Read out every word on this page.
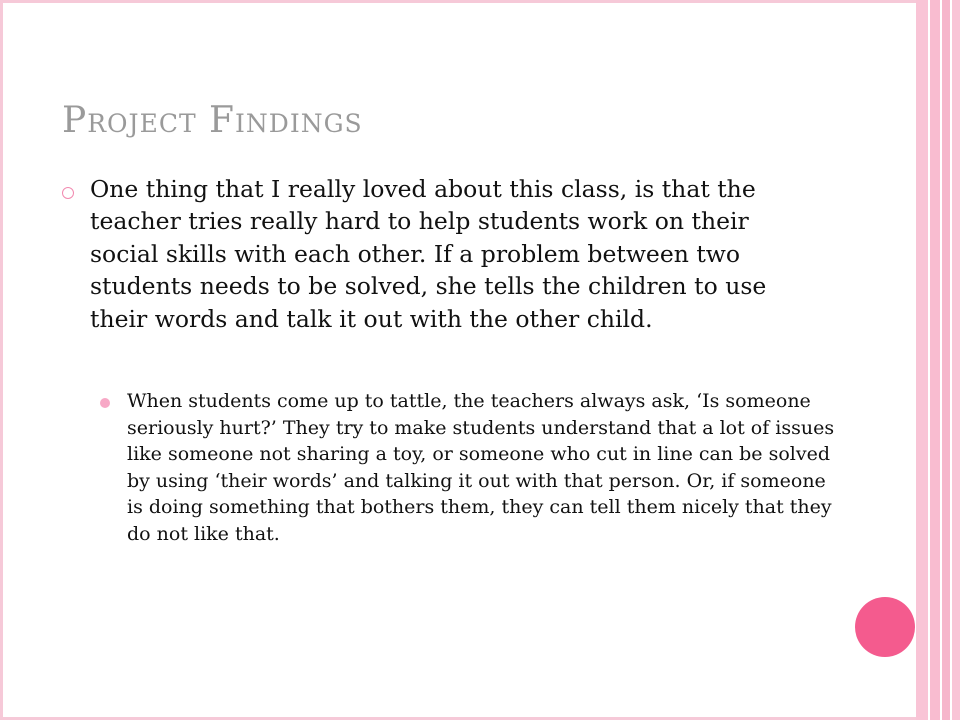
Project Findings
One thing that I really loved about this class, is that the teacher tries really hard to help students work on their social skills with each other. If a problem between two students needs to be solved, she tells the children to use their words and talk it out with the other child.
When students come up to tattle, the teachers always ask, ‘Is someone seriously hurt?’ They try to make students understand that a lot of issues like someone not sharing a toy, or someone who cut in line can be solved by using ‘their words’ and talking it out with that person. Or, if someone is doing something that bothers them, they can tell them nicely that they do not like that.
